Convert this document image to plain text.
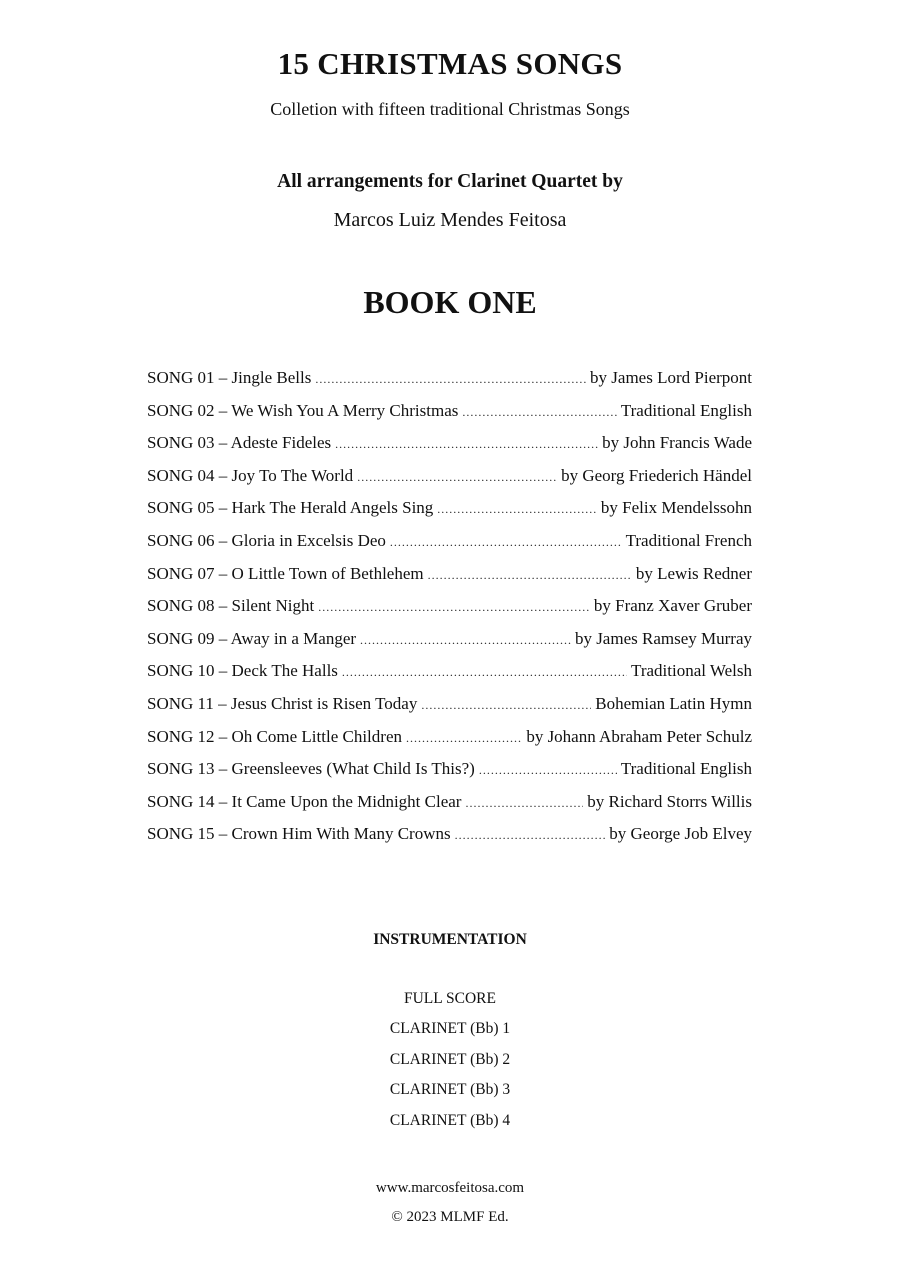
15 CHRISTMAS SONGS
Colletion with fifteen traditional Christmas Songs
All arrangements for Clarinet Quartet by
Marcos Luiz Mendes Feitosa
BOOK ONE
SONG 01 – Jingle Bells .....	by James Lord Pierpont
SONG 02 – We Wish You A Merry Christmas .....	Traditional English
SONG 03 – Adeste Fideles .....	by John Francis Wade
SONG 04 – Joy To The World .....	by Georg Friederich Händel
SONG 05 – Hark The Herald Angels Sing .....	by Felix Mendelssohn
SONG 06 – Gloria in Excelsis Deo .....	Traditional French
SONG 07 – O Little Town of Bethlehem .....	by Lewis Redner
SONG 08 – Silent Night .....	by Franz Xaver Gruber
SONG 09 – Away in a Manger .....	by James Ramsey Murray
SONG 10 – Deck The Halls .....	Traditional Welsh
SONG 11 – Jesus Christ is Risen Today .....	Bohemian Latin Hymn
SONG 12 – Oh Come Little Children .....	by Johann Abraham Peter Schulz
SONG 13 – Greensleeves (What Child Is This?) .....	Traditional English
SONG 14 – It Came Upon the Midnight Clear .....	by Richard Storrs Willis
SONG 15 – Crown Him With Many Crowns .....	by George Job Elvey
INSTRUMENTATION
FULL SCORE
CLARINET (Bb) 1
CLARINET (Bb) 2
CLARINET (Bb) 3
CLARINET (Bb) 4
www.marcosfeitosa.com
© 2023 MLMF Ed.
